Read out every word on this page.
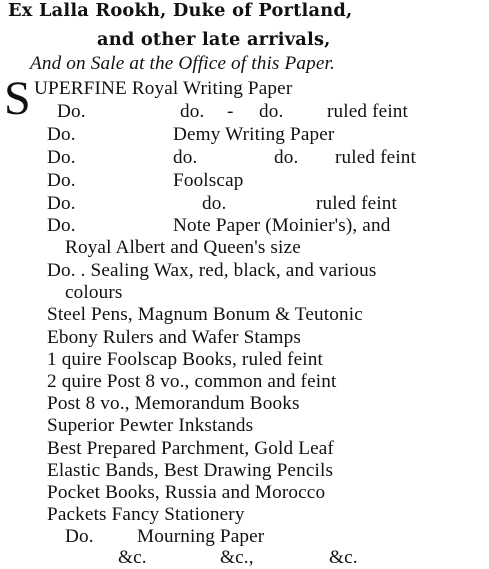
Ex Lalla Rookh, Duke of Portland,
and other late arrivals,
And on Sale at the Office of this Paper.
S UPERFINE Royal Writing Paper
Do.	do. - do. ruled feint
Do.	Demy Writing Paper
Do.	do.	do. ruled feint
Do.	Foolscap
Do.	do.	ruled feint
Do.	Note Paper (Moinier's), and
Royal Albert and Queen's size
Do. . Sealing Wax, red, black, and various
colours
Steel Pens, Magnum Bonum & Teutonic
Ebony Rulers and Wafer Stamps
1 quire Foolscap Books, ruled feint
2 quire Post 8 vo., common and feint
Post 8 vo., Memorandum Books
Superior Pewter Inkstands
Best Prepared Parchment, Gold Leaf
Elastic Bands, Best Drawing Pencils
Pocket Books, Russia and Morocco
Packets Fancy Stationery
Do. Mourning Paper
&c.	&c.,	&c.
